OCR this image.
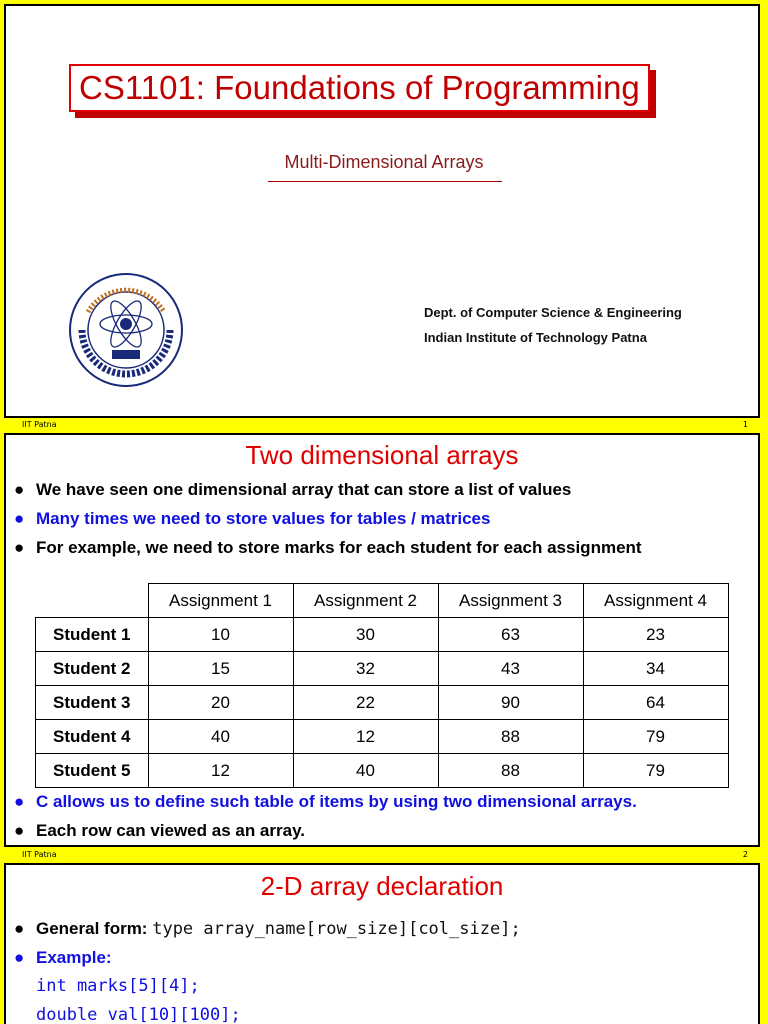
CS1101: Foundations of Programming
Multi-Dimensional Arrays
Dept. of Computer Science & Engineering
Indian Institute of Technology Patna
IIT Patna	1
Two dimensional arrays
● We have seen one dimensional array that can store a list of values
● Many times we need to store values for tables / matrices
● For example, we need to store marks for each student for each assignment
	Assignment 1	Assignment 2	Assignment 3	Assignment 4
Student 1	10	30	63	23
Student 2	15	32	43	34
Student 3	20	22	90	64
Student 4	40	12	88	79
Student 5	12	40	88	79
● C allows us to define such table of items by using two dimensional arrays.
● Each row can viewed as an array.
IIT Patna	2
2-D array declaration
● General form:
type array_name[row_size][col_size];
● Example:
int marks[5][4];
double val[10][100];
